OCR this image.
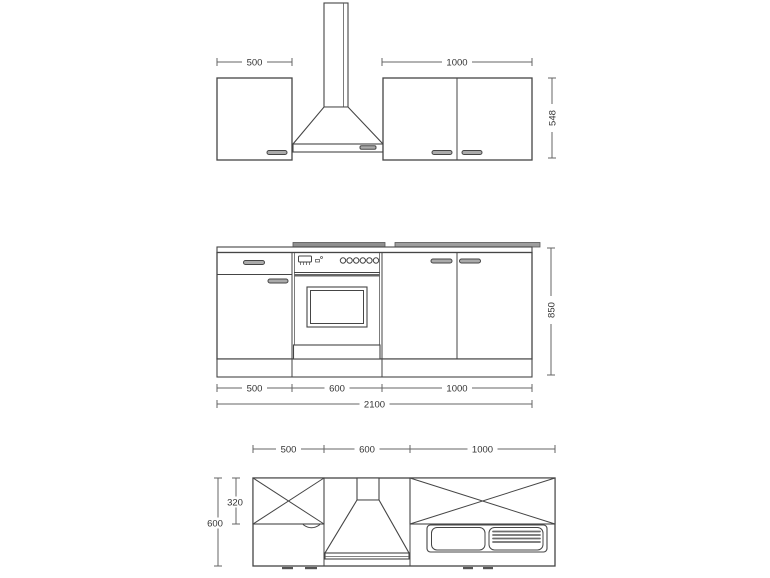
500	1000
548
500	600	1000
2100
850
500	600	1000
600
320
